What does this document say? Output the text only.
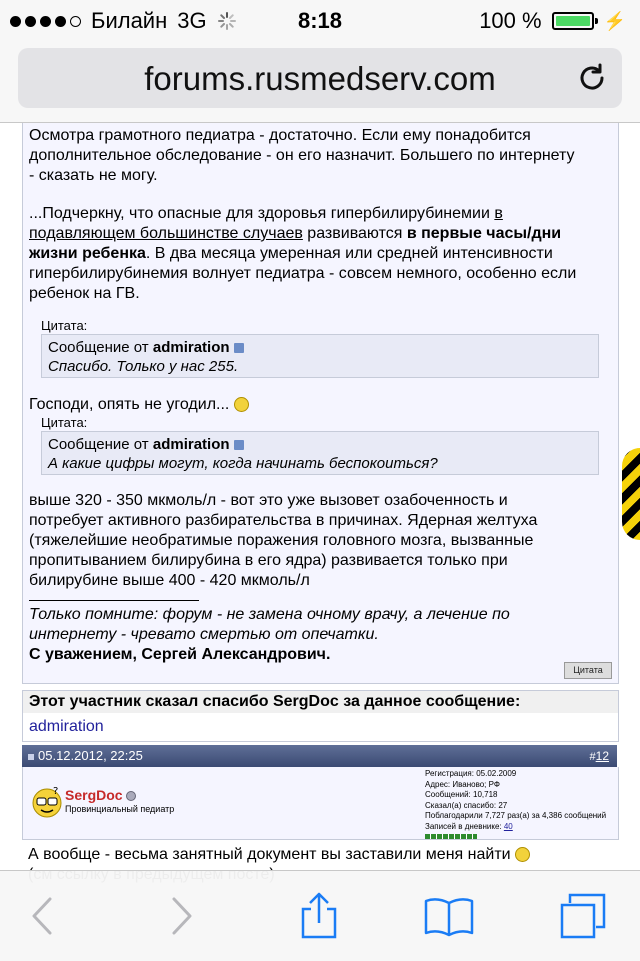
Билайн 3G	8:18	100 %	⚡
forums.rusmedserv.com
Осмотра грамотного педиатра - достаточно. Если ему понадобится
дополнительное обследование - он его назначит. Большего по интернету
- сказать не могу.
...Подчеркну, что опасные для здоровья гипербилирубинемии в
подавляющем большинстве случаев развиваются в первые часы/дни
жизни ребенка. В два месяца умеренная или средней интенсивности
гипербилирубинемия волнует педиатра - совсем немного, особенно если
ребенок на ГВ.
Цитата:
Сообщение от admiration
Спасибо. Только у нас 255.
Господи, опять не угодил...
Цитата:
Сообщение от admiration
А какие цифры могут, когда начинать беспокоиться?
выше 320 - 350 мкмоль/л - вот это уже вызовет озабоченность и
потребует активного разбирательства в причинах. Ядерная желтуха
(тяжелейшие необратимые поражения головного мозга, вызванные
пропитыванием билирубина в его ядра) развивается только при
билирубине выше 400 - 420 мкмоль/л
Только помните: форум - не замена очному врачу, а лечение по
интернету - чревато смертью от опечатки.
С уважением, Сергей Александрович.
Цитата
Этот участник сказал спасибо SergDoc за данное сообщение:
admiration
05.12.2012, 22:25	#12
? SergDoc
Провинциальный педиатр
Регистрация: 05.02.2009
Адрес: Иваново; РФ
Сообщений: 10,718
Сказал(а) спасибо: 27
Поблагодарили 7,727 раз(а) за 4,386 сообщений
Записей в дневнике: 40
А вообще - весьма занятный документ вы заставили меня найти
